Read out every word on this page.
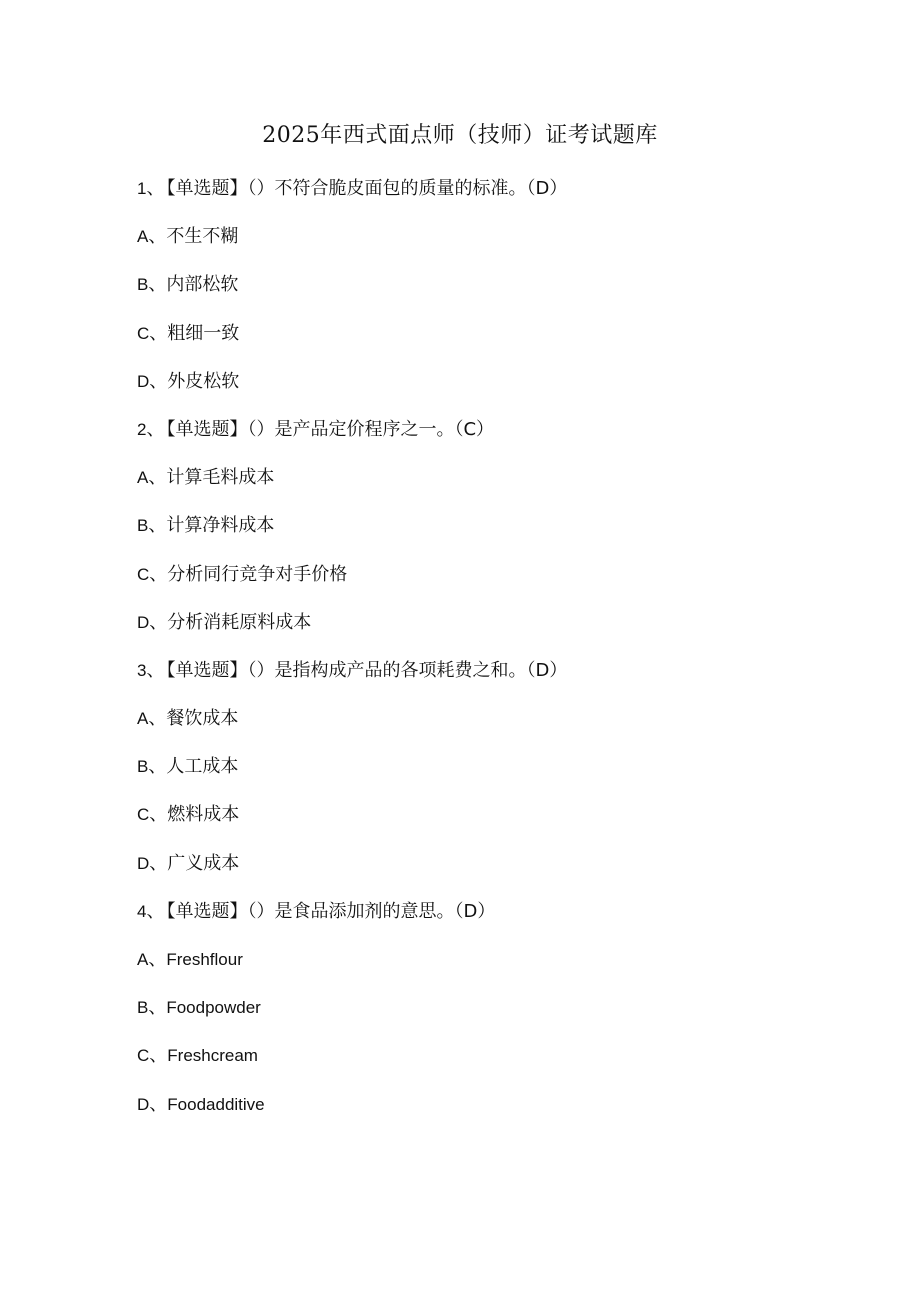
2025年西式面点师（技师）证考试题库
1、 【单选题】（）不符合脆皮面包的质量的标准。（D）
A、不生不糊
B、内部松软
C、粗细一致
D、外皮松软
2、 【单选题】（）是产品定价程序之一。（C）
A、计算毛料成本
B、计算净料成本
C、分析同行竞争对手价格
D、分析消耗原料成本
3、 【单选题】（）是指构成产品的各项耗费之和。（D）
A、餐饮成本
B、人工成本
C、燃料成本
D、广义成本
4、 【单选题】（）是食品添加剂的意思。（D）
A、Freshflour
B、Foodpowder
C、Freshcream
D、Foodadditive
